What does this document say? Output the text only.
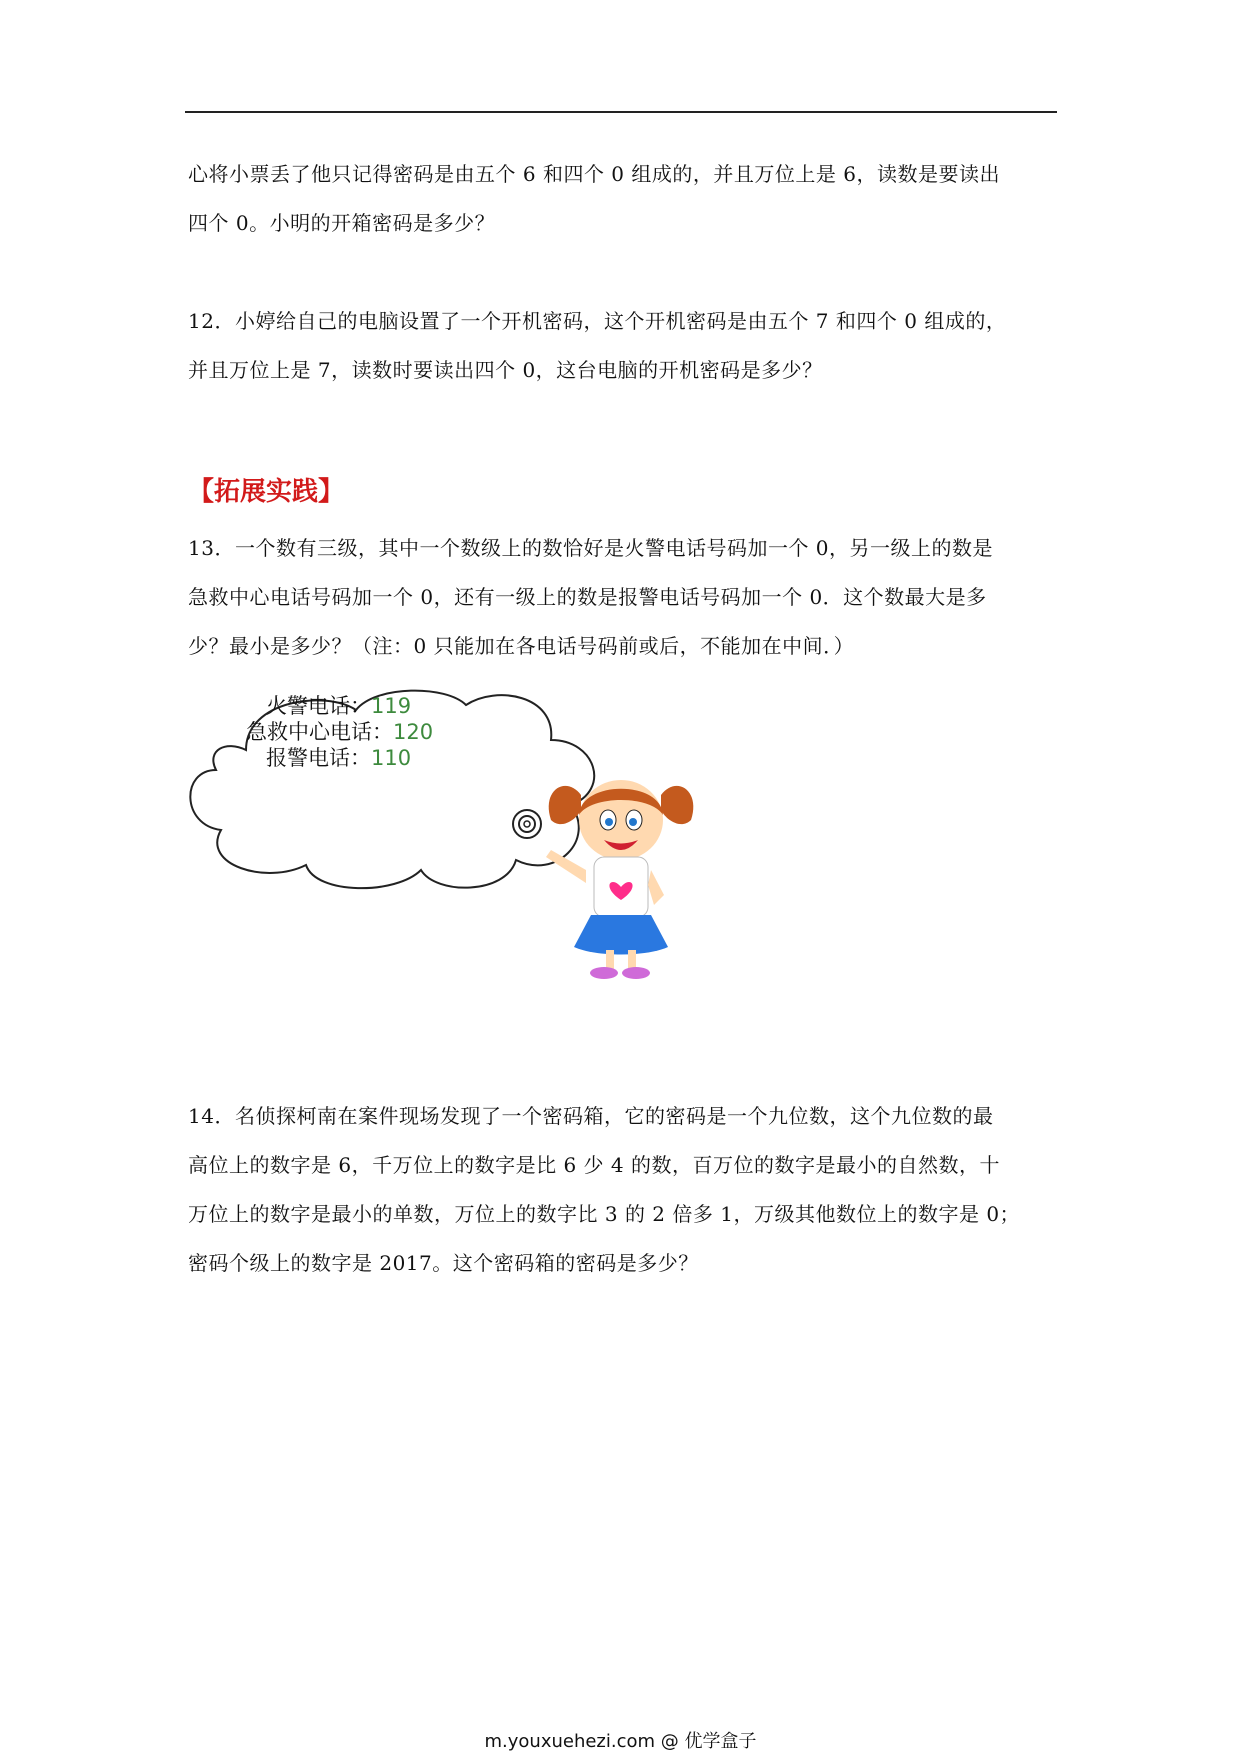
心将小票丢了他只记得密码是由五个 6 和四个 0 组成的，并且万位上是 6，读数是要读出
四个 0。小明的开箱密码是多少？
12．小婷给自己的电脑设置了一个开机密码，这个开机密码是由五个 7 和四个 0 组成的，
并且万位上是 7，读数时要读出四个 0，这台电脑的开机密码是多少？
【拓展实践】
13．一个数有三级，其中一个数级上的数恰好是火警电话号码加一个 0，另一级上的数是
急救中心电话号码加一个 0，还有一级上的数是报警电话号码加一个 0．这个数最大是多
少？最小是多少？（注：0 只能加在各电话号码前或后，不能加在中间．）
火警电话：119
急救中心电话：120
报警电话：110
14．名侦探柯南在案件现场发现了一个密码箱，它的密码是一个九位数，这个九位数的最
高位上的数字是 6，千万位上的数字是比 6 少 4 的数，百万位的数字是最小的自然数，十
万位上的数字是最小的单数，万位上的数字比 3 的 2 倍多 1，万级其他数位上的数字是 0；
密码个级上的数字是 2017。这个密码箱的密码是多少？
m.youxuehezi.com @ 优学盒子
